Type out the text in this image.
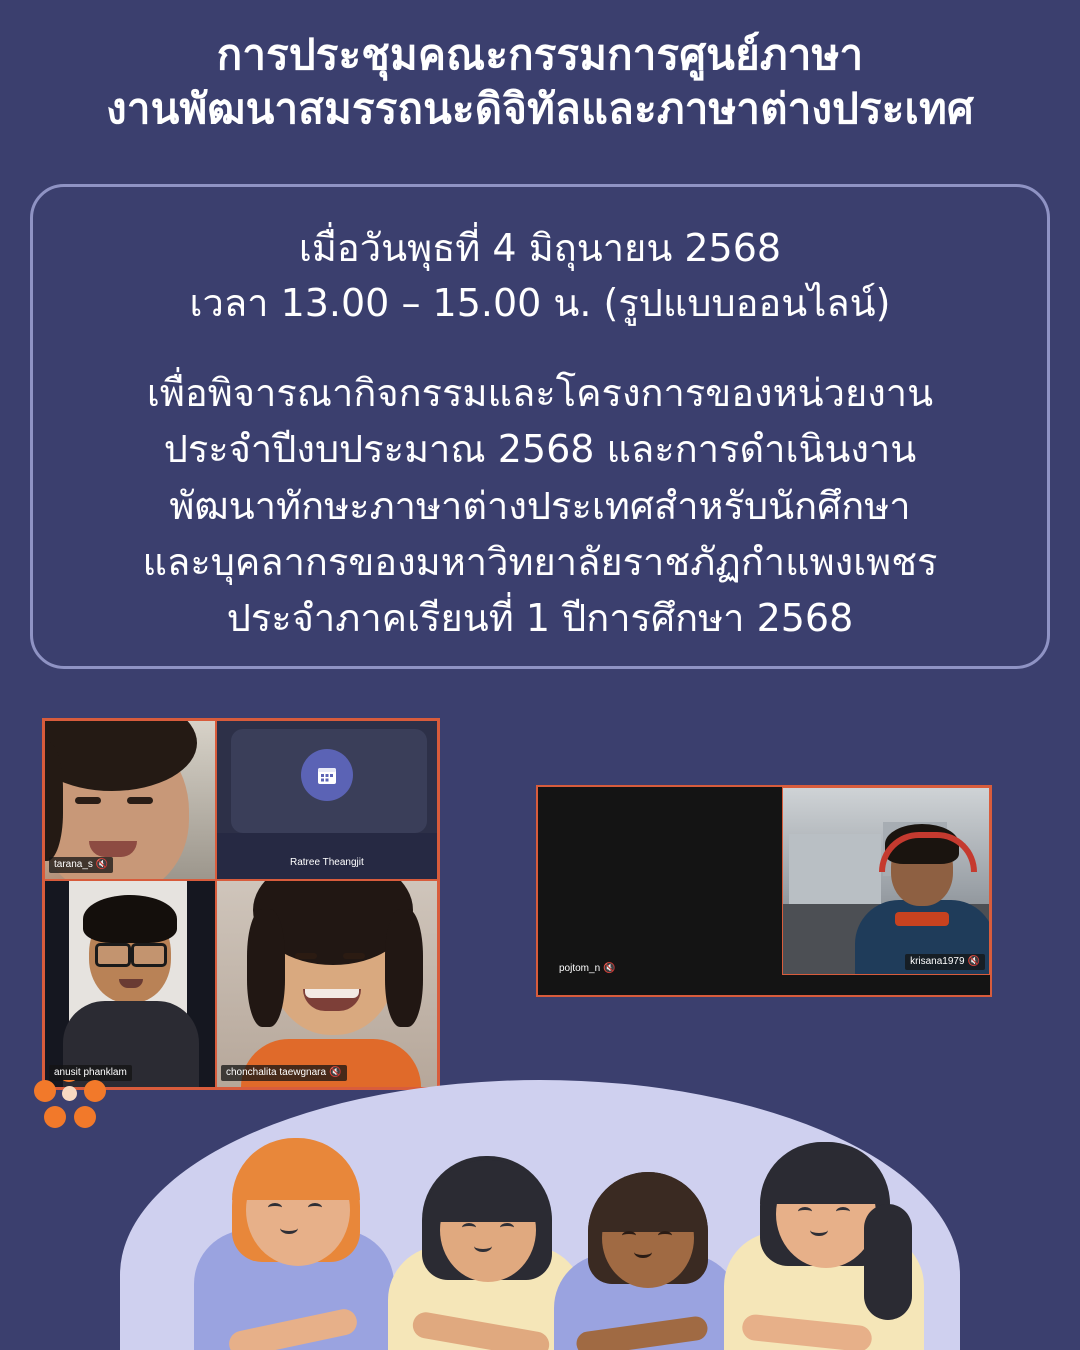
การประชุมคณะกรรมการศูนย์ภาษา
งานพัฒนาสมรรถนะดิจิทัลและภาษาต่างประเทศ
เมื่อวันพุธที่ 4 มิถุนายน 2568
เวลา 13.00 – 15.00 น. (รูปแบบออนไลน์)
เพื่อพิจารณากิจกรรมและโครงการของหน่วยงาน
ประจำปีงบประมาณ 2568 และการดำเนินงาน
พัฒนาทักษะภาษาต่างประเทศสำหรับนักศึกษา
และบุคลากรของมหาวิทยาลัยราชภัฏกำแพงเพชร
ประจำภาคเรียนที่ 1 ปีการศึกษา 2568
tarana_s 🔇	Ratree Theangjit
anusit phanklam	chonchalita taewgnara 🔇
krisana1979 🔇
pojtom_n 🔇
